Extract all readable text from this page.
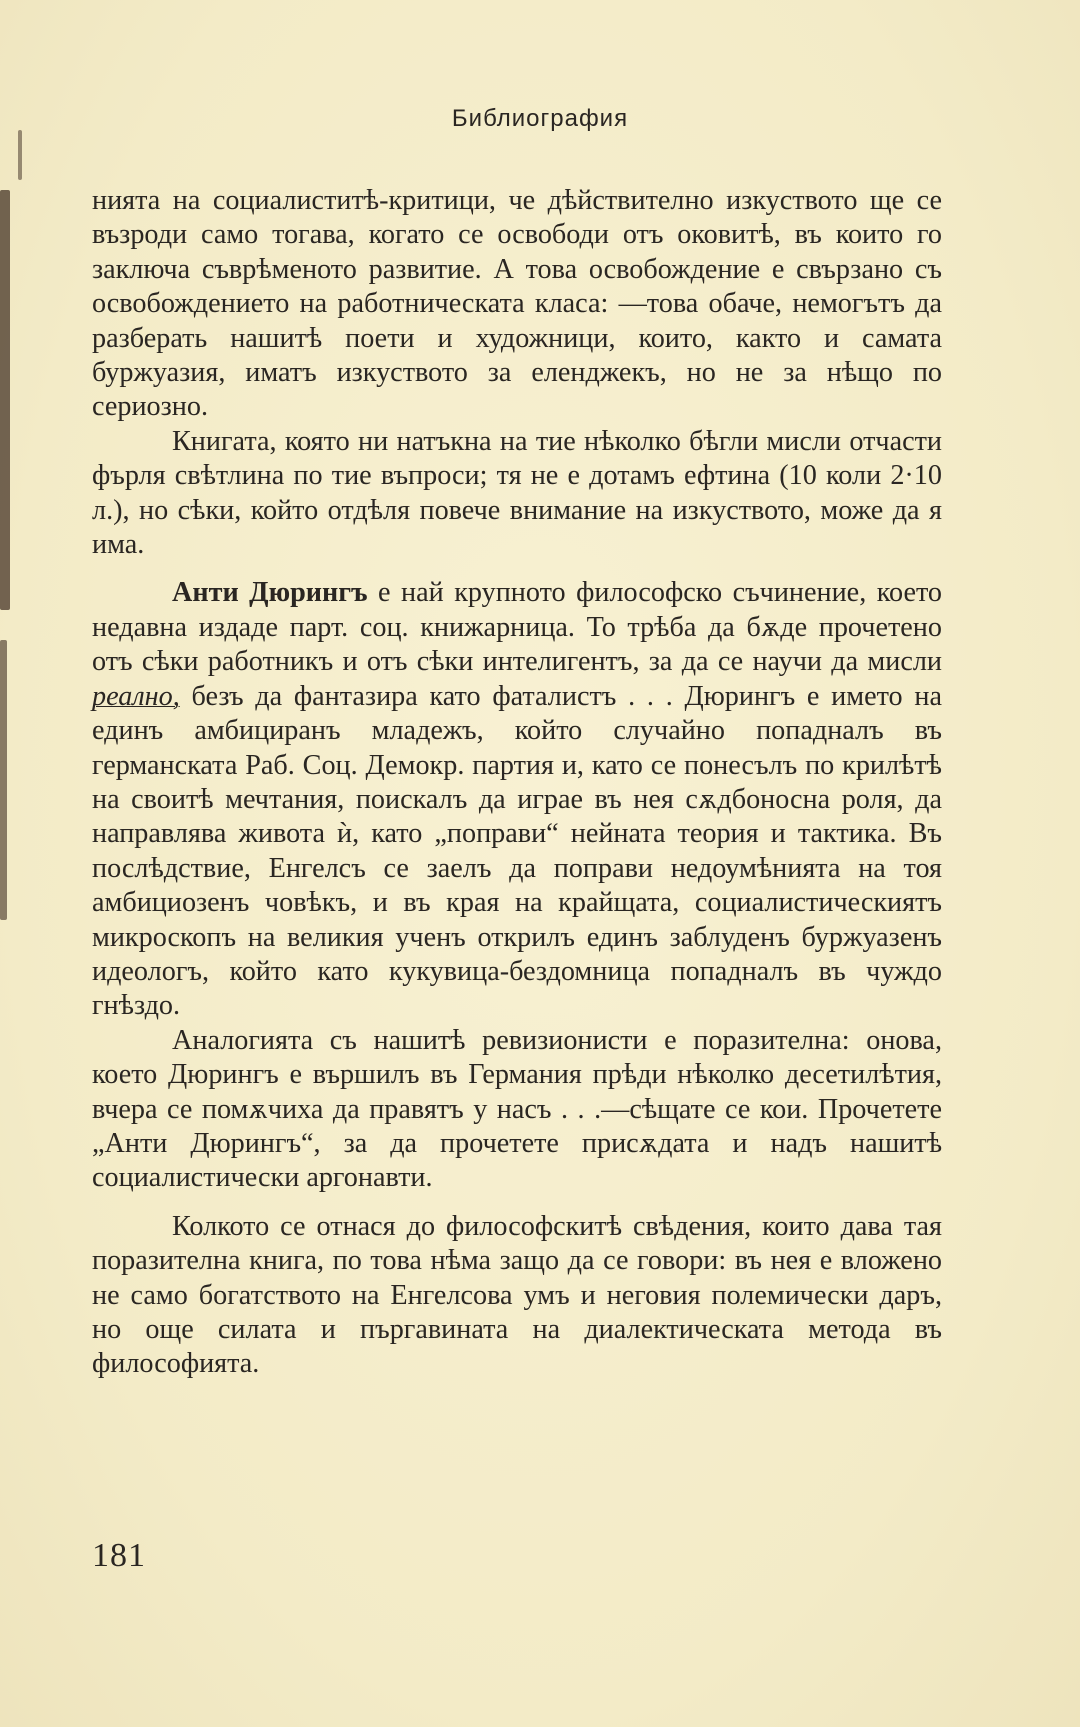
Библиография

нията на социалиститѣ-критици, че дѣйствително изкуството ще се възроди само тогава, когато се освободи отъ оковитѣ, въ които го заключа съврѣменото развитие. А това освобождение е свързано съ освобождението на работническата класа: —това обаче, немогътъ да разберать нашитѣ поети и художници, които, както и самата буржуазия, иматъ изкуството за еленджекъ, но не за нѣщо по сериозно.

Книгата, която ни натъкна на тие нѣколко бѣгли мисли отчасти фърля свѣтлина по тие въпроси; тя не е дотамъ ефтина (10 коли 2·10 л.), но сѣки, който отдѣля повече внимание на изкуството, може да я има.

Анти Дюрингъ е най крупното философско съчинение, което недавна издаде парт. соц. книжарница. То трѣба да бѫде прочетено отъ сѣки работникъ и отъ сѣки интелигентъ, за да се научи да мисли реално, безъ да фантазира като фаталистъ . . . Дюрингъ е името на единъ амбициранъ младежъ, който случайно попадналъ въ германската Раб. Соц. Демокр. партия и, като се понесълъ по крилѣтѣ на своитѣ мечтания, поискалъ да играе въ нея сѫдбоносна роля, да направлява живота ѝ, като „поправи“ нейната теория и тактика. Въ послѣдствие, Енгелсъ се заелъ да поправи недоумѣнията на тоя амбициозенъ човѣкъ, и въ края на крайщата, социалистическиятъ микроскопъ на великия ученъ открилъ единъ заблуденъ буржуазенъ идеологъ, който като кукувица-бездомница попадналъ въ чуждо гнѣздо.

Аналогията съ нашитѣ ревизионисти е поразителна: онова, което Дюрингъ е вършилъ въ Германия прѣди нѣколко десетилѣтия, вчера се помѫчиха да правятъ у насъ . . .—сѣщате се кои. Прочетете „Анти Дюрингъ“, за да прочетете присѫдата и надъ нашитѣ социалистически аргонавти.

Колкото се отнася до философскитѣ свѣдения, които дава тая поразителна книга, по това нѣма защо да се говори: въ нея е вложено не само богатството на Енгелсова умъ и неговия полемически даръ, но още силата и пъргавината на диалектическата метода въ философията.

181
